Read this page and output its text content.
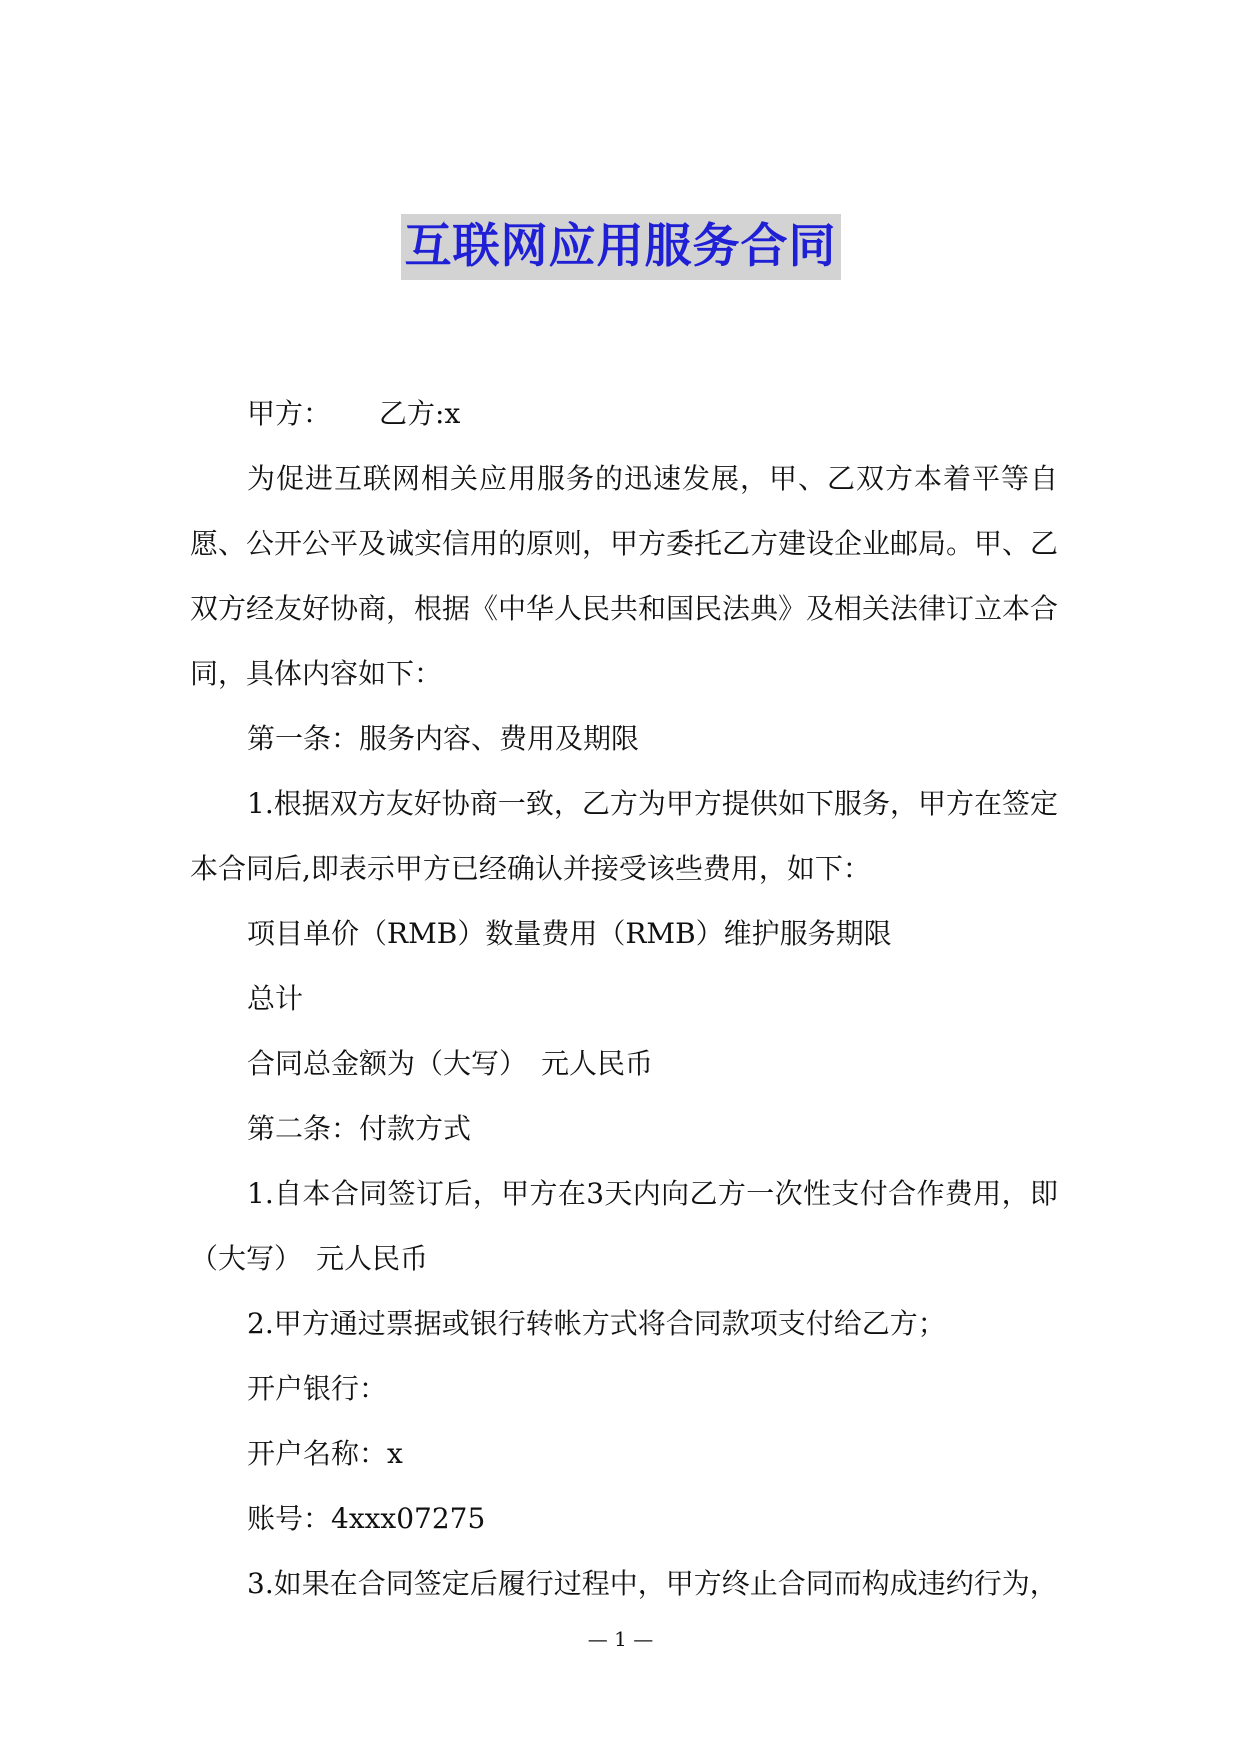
互联网应用服务合同

甲方： 乙方:x

为促进互联网相关应用服务的迅速发展，甲、乙双方本着平等自愿、公开公平及诚实信用的原则，甲方委托乙方建设企业邮局。甲、乙双方经友好协商，根据《中华人民共和国民法典》及相关法律订立本合同，具体内容如下：

第一条：服务内容、费用及期限

1.根据双方友好协商一致，乙方为甲方提供如下服务，甲方在签定本合同后,即表示甲方已经确认并接受该些费用，如下：

项目单价（RMB）数量费用（RMB）维护服务期限

总计

合同总金额为（大写）　元人民币

第二条：付款方式

1.自本合同签订后，甲方在3天内向乙方一次性支付合作费用，即（大写）　元人民币

2.甲方通过票据或银行转帐方式将合同款项支付给乙方；

开户银行：

开户名称：x

账号：4xxx07275

3.如果在合同签定后履行过程中，甲方终止合同而构成违约行为，

— 1 —
